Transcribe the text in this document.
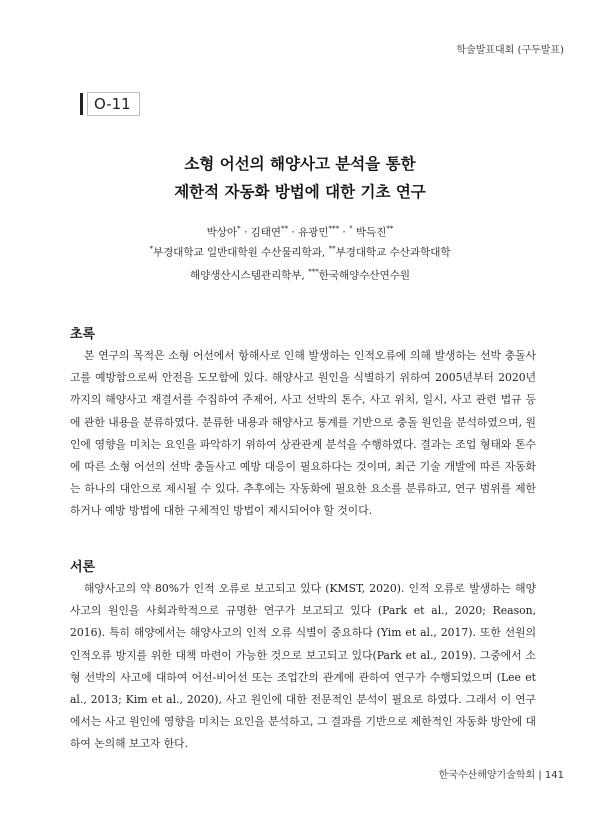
학술발표대회 (구두발표)
O-11
소형 어선의 해양사고 분석을 통한
제한적 자동화 방법에 대한 기초 연구
박상아* · 김태연** · 유광민*** · ° 박득진**
*부경대학교 일반대학원 수산물리학과, **부경대학교 수산과학대학
해양생산시스템관리학부, ***한국해양수산연수원
초록

본 연구의 목적은 소형 어선에서 항해사로 인해 발생하는 인적오류에 의해 발생하는 선박 충돌사고를 예방함으로써 안전을 도모함에 있다. 해양사고 원인을 식별하기 위하여 2005년부터 2020년까지의 해양사고 재결서를 수집하여 주제어, 사고 선박의 톤수, 사고 위치, 일시, 사고 관련 법규 등에 관한 내용을 분류하였다. 분류한 내용과 해양사고 통계를 기반으로 충돌 원인을 분석하였으며, 원인에 영향을 미치는 요인을 파악하기 위하여 상관관계 분석을 수행하였다. 결과는 조업 형태와 톤수에 따른 소형 어선의 선박 충돌사고 예방 대응이 필요하다는 것이며, 최근 기술 개발에 따른 자동화는 하나의 대안으로 제시될 수 있다. 추후에는 자동화에 필요한 요소를 분류하고, 연구 범위를 제한하거나 예방 방법에 대한 구체적인 방법이 제시되어야 할 것이다.

서론

해양사고의 약 80%가 인적 오류로 보고되고 있다 (KMST, 2020). 인적 오류로 발생하는 해양사고의 원인을 사회과학적으로 규명한 연구가 보고되고 있다 (Park et al., 2020; Reason, 2016). 특히 해양에서는 해양사고의 인적 오류 식별이 중요하다 (Yim et al., 2017). 또한 선원의 인적오류 방지를 위한 대책 마련이 가능한 것으로 보고되고 있다(Park et al., 2019). 그중에서 소형 선박의 사고에 대하여 어선-비어선 또는 조업간의 관계에 관하여 연구가 수행되었으며 (Lee et al., 2013; Kim et al., 2020), 사고 원인에 대한 전문적인 분석이 필요로 하였다. 그래서 이 연구에서는 사고 원인에 영향을 미치는 요인을 분석하고, 그 결과를 기반으로 제한적인 자동화 방안에 대하여 논의해 보고자 한다.

한국수산해양기술학회 | 141
